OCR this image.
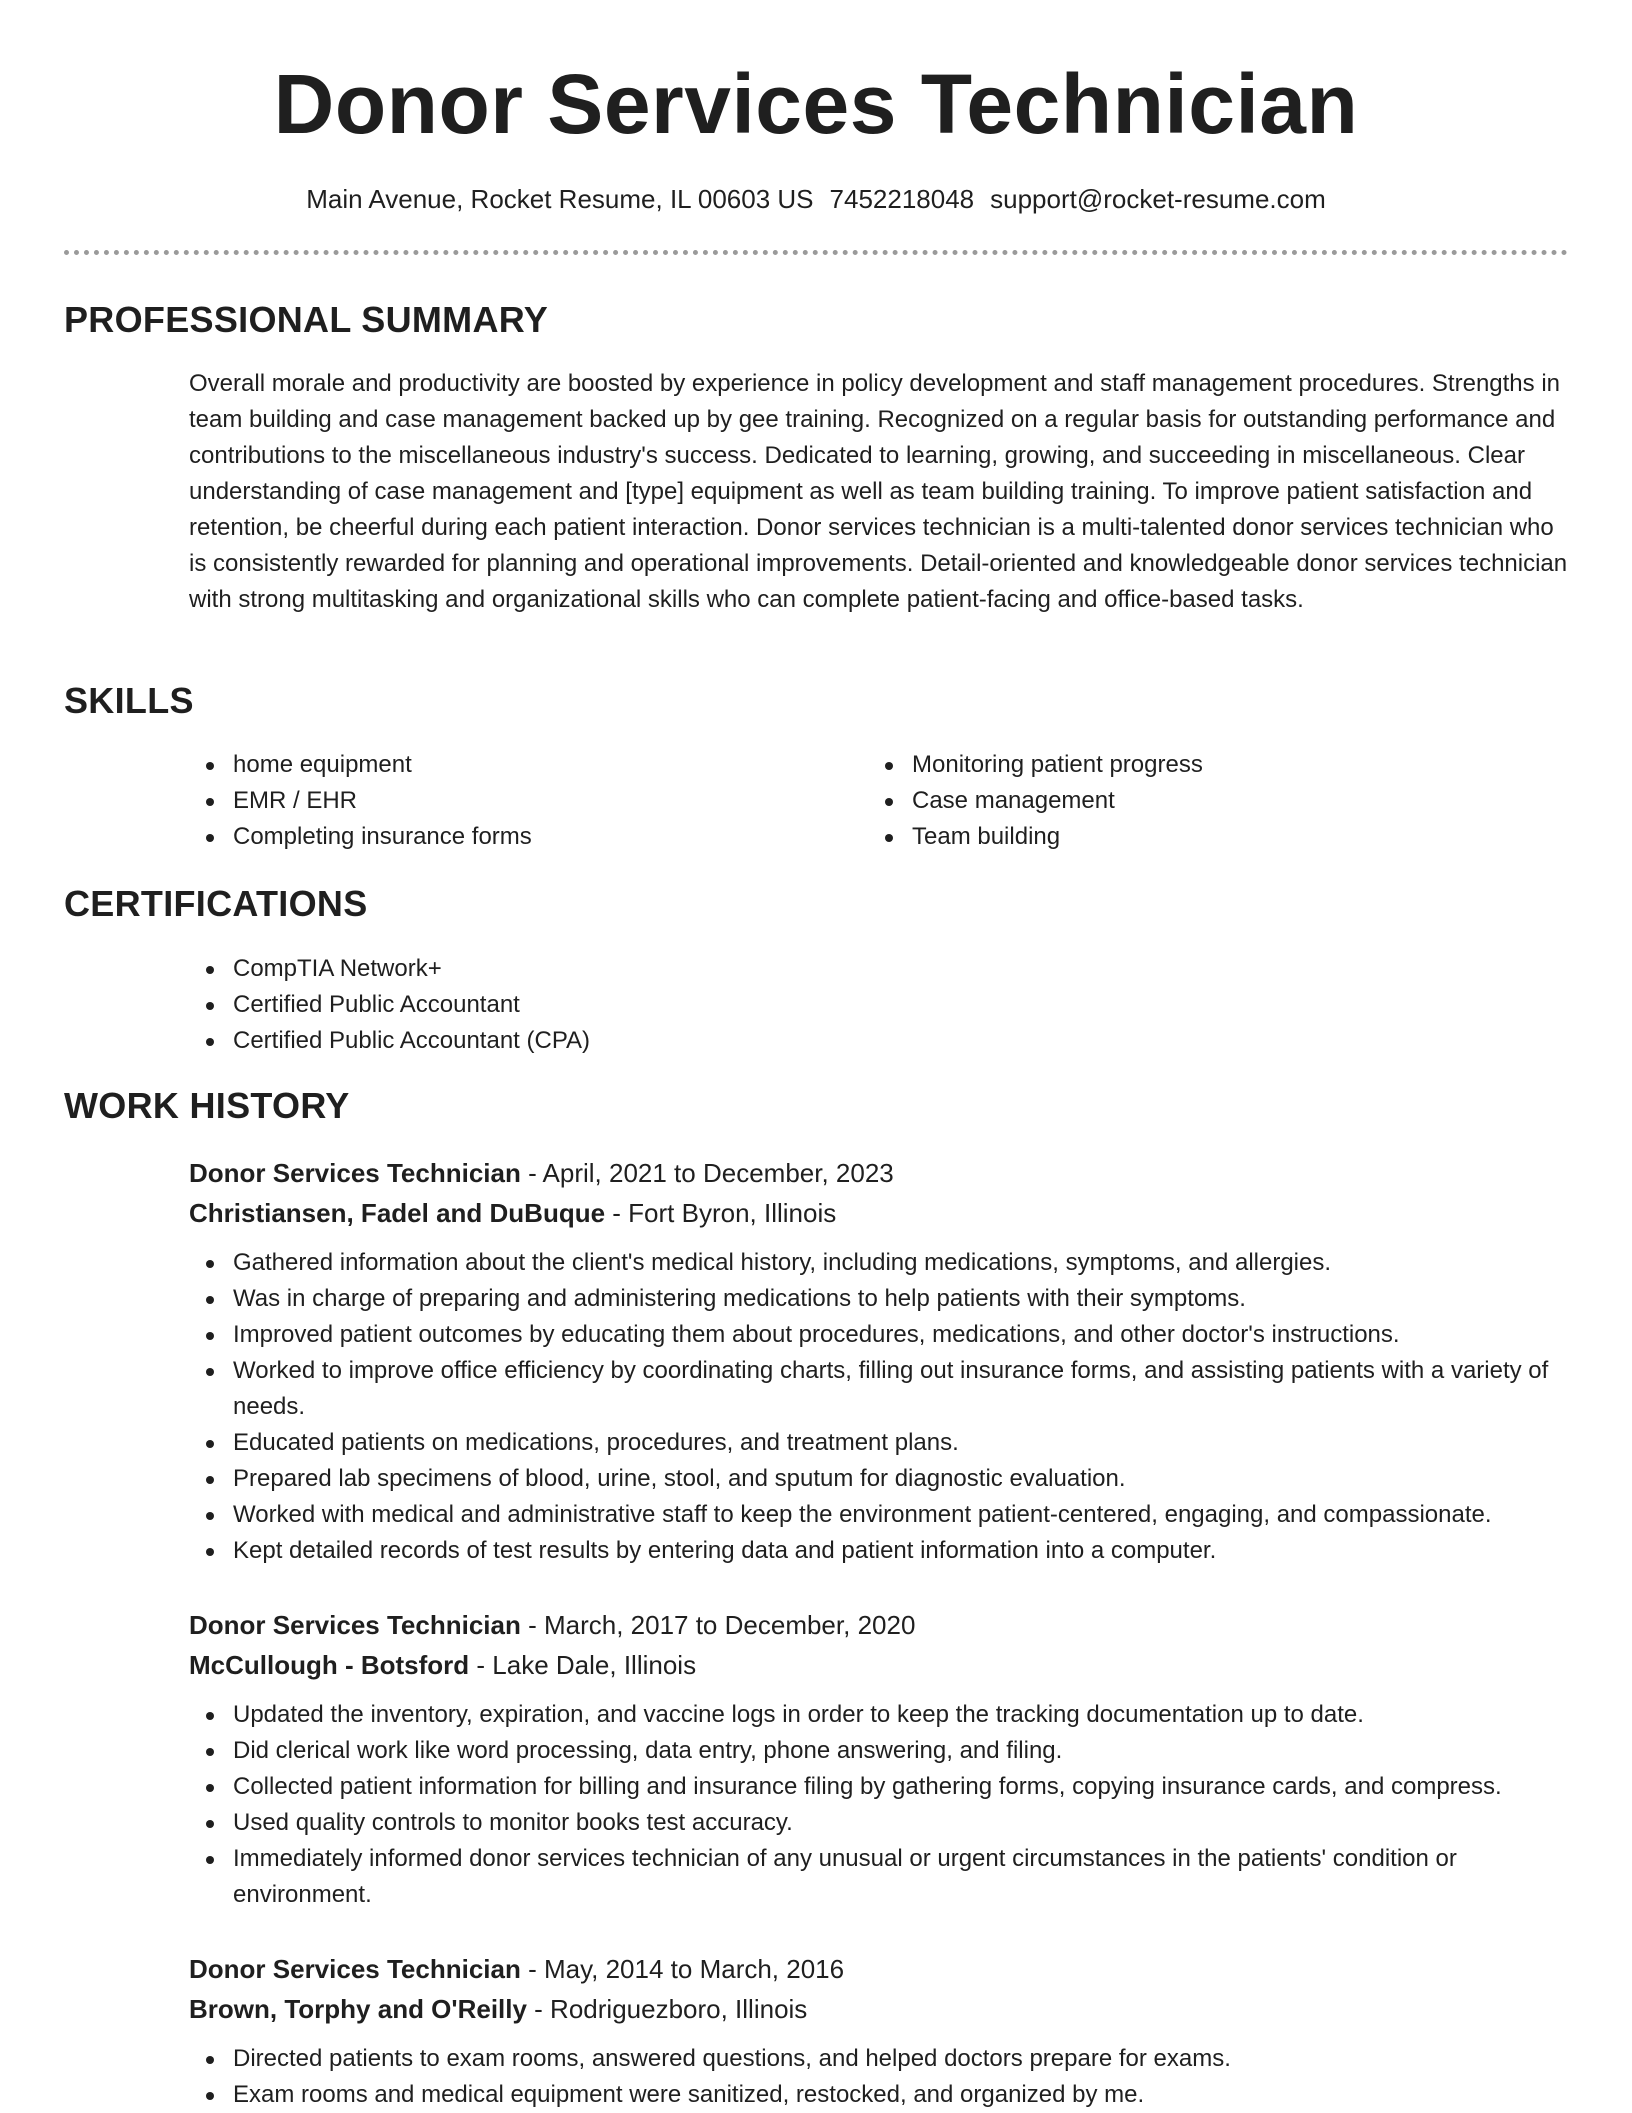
Donor Services Technician
Main Avenue, Rocket Resume, IL 00603 US 7452218048 support@rocket-resume.com
PROFESSIONAL SUMMARY
Overall morale and productivity are boosted by experience in policy development and staff management procedures. Strengths in team building and case management backed up by gee training. Recognized on a regular basis for outstanding performance and contributions to the miscellaneous industry's success. Dedicated to learning, growing, and succeeding in miscellaneous. Clear understanding of case management and [type] equipment as well as team building training. To improve patient satisfaction and retention, be cheerful during each patient interaction. Donor services technician is a multi-talented donor services technician who is consistently rewarded for planning and operational improvements. Detail-oriented and knowledgeable donor services technician with strong multitasking and organizational skills who can complete patient-facing and office-based tasks.
SKILLS
home equipment
EMR / EHR
Completing insurance forms
Monitoring patient progress
Case management
Team building
CERTIFICATIONS
CompTIA Network+
Certified Public Accountant
Certified Public Accountant (CPA)
WORK HISTORY
Donor Services Technician - April, 2021 to December, 2023
Christiansen, Fadel and DuBuque - Fort Byron, Illinois
Gathered information about the client's medical history, including medications, symptoms, and allergies.
Was in charge of preparing and administering medications to help patients with their symptoms.
Improved patient outcomes by educating them about procedures, medications, and other doctor's instructions.
Worked to improve office efficiency by coordinating charts, filling out insurance forms, and assisting patients with a variety of needs.
Educated patients on medications, procedures, and treatment plans.
Prepared lab specimens of blood, urine, stool, and sputum for diagnostic evaluation.
Worked with medical and administrative staff to keep the environment patient-centered, engaging, and compassionate.
Kept detailed records of test results by entering data and patient information into a computer.
Donor Services Technician - March, 2017 to December, 2020
McCullough - Botsford - Lake Dale, Illinois
Updated the inventory, expiration, and vaccine logs in order to keep the tracking documentation up to date.
Did clerical work like word processing, data entry, phone answering, and filing.
Collected patient information for billing and insurance filing by gathering forms, copying insurance cards, and compress.
Used quality controls to monitor books test accuracy.
Immediately informed donor services technician of any unusual or urgent circumstances in the patients' condition or environment.
Donor Services Technician - May, 2014 to March, 2016
Brown, Torphy and O'Reilly - Rodriguezboro, Illinois
Directed patients to exam rooms, answered questions, and helped doctors prepare for exams.
Exam rooms and medical equipment were sanitized, restocked, and organized by me.
